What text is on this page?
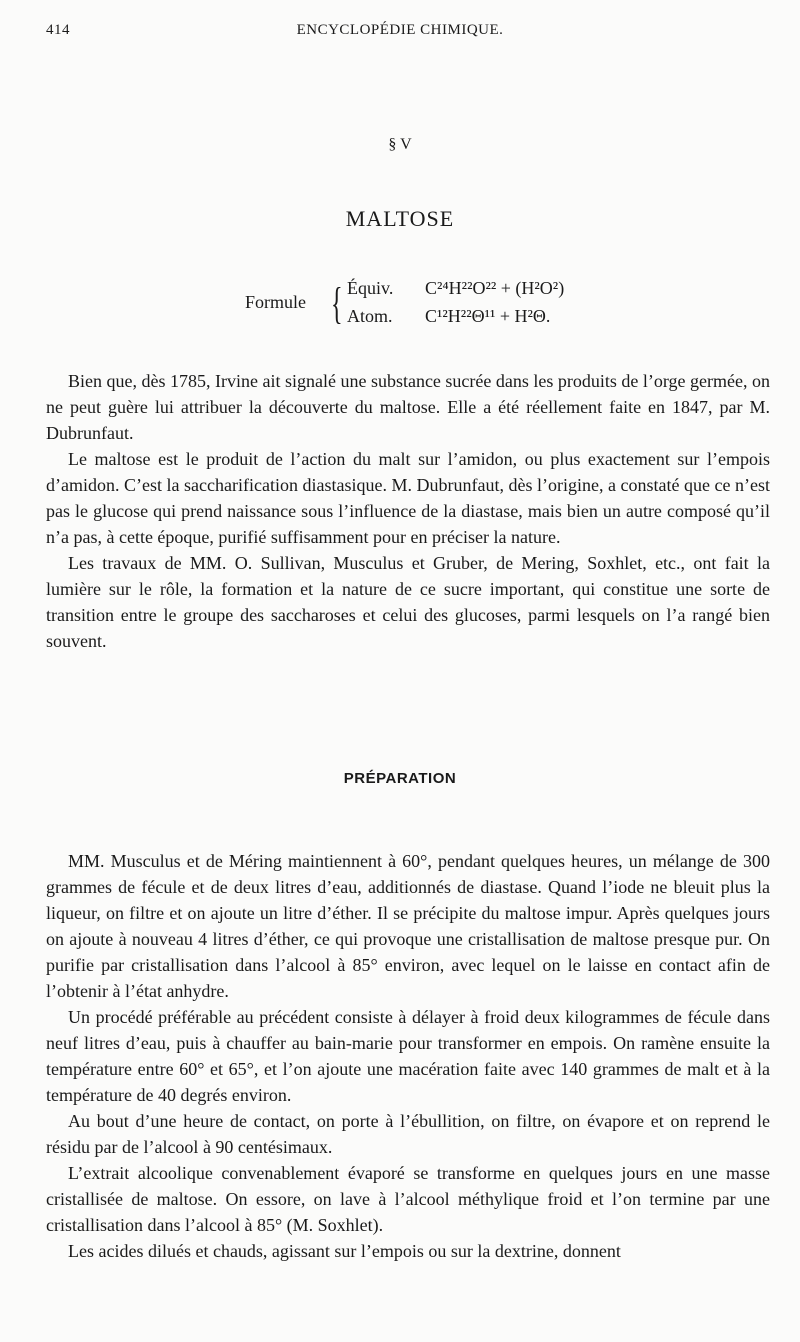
414	ENCYCLOPÉDIE CHIMIQUE.
§ V
MALTOSE
Formule { Équiv. C²⁴H²²O²² + (H²O²)
Atom. C¹²H²²Θ¹¹ + H²Θ.

Bien que, dès 1785, Irvine ait signalé une substance sucrée dans les produits de l’orge germée, on ne peut guère lui attribuer la découverte du maltose. Elle a été réellement faite en 1847, par M. Dubrunfaut.

Le maltose est le produit de l’action du malt sur l’amidon, ou plus exactement sur l’empois d’amidon. C’est la saccharification diastasique. M. Dubrunfaut, dès l’origine, a constaté que ce n’est pas le glucose qui prend naissance sous l’influence de la diastase, mais bien un autre composé qu’il n’a pas, à cette époque, purifié suffisamment pour en préciser la nature.

Les travaux de MM. O. Sullivan, Musculus et Gruber, de Mering, Soxhlet, etc., ont fait la lumière sur le rôle, la formation et la nature de ce sucre important, qui constitue une sorte de transition entre le groupe des saccharoses et celui des glucoses, parmi lesquels on l’a rangé bien souvent.

PRÉPARATION

MM. Musculus et de Méring maintiennent à 60°, pendant quelques heures, un mélange de 300 grammes de fécule et de deux litres d’eau, additionnés de diastase. Quand l’iode ne bleuit plus la liqueur, on filtre et on ajoute un litre d’éther. Il se précipite du maltose impur. Après quelques jours on ajoute à nouveau 4 litres d’éther, ce qui provoque une cristallisation de maltose presque pur. On purifie par cristallisation dans l’alcool à 85° environ, avec lequel on le laisse en contact afin de l’obtenir à l’état anhydre.

Un procédé préférable au précédent consiste à délayer à froid deux kilogrammes de fécule dans neuf litres d’eau, puis à chauffer au bain-marie pour transformer en empois. On ramène ensuite la température entre 60° et 65°, et l’on ajoute une macération faite avec 140 grammes de malt et à la température de 40 degrés environ.

Au bout d’une heure de contact, on porte à l’ébullition, on filtre, on évapore et on reprend le résidu par de l’alcool à 90 centésimaux.

L’extrait alcoolique convenablement évaporé se transforme en quelques jours en une masse cristallisée de maltose. On essore, on lave à l’alcool méthylique froid et l’on termine par une cristallisation dans l’alcool à 85° (M. Soxhlet).

Les acides dilués et chauds, agissant sur l’empois ou sur la dextrine, donnent
